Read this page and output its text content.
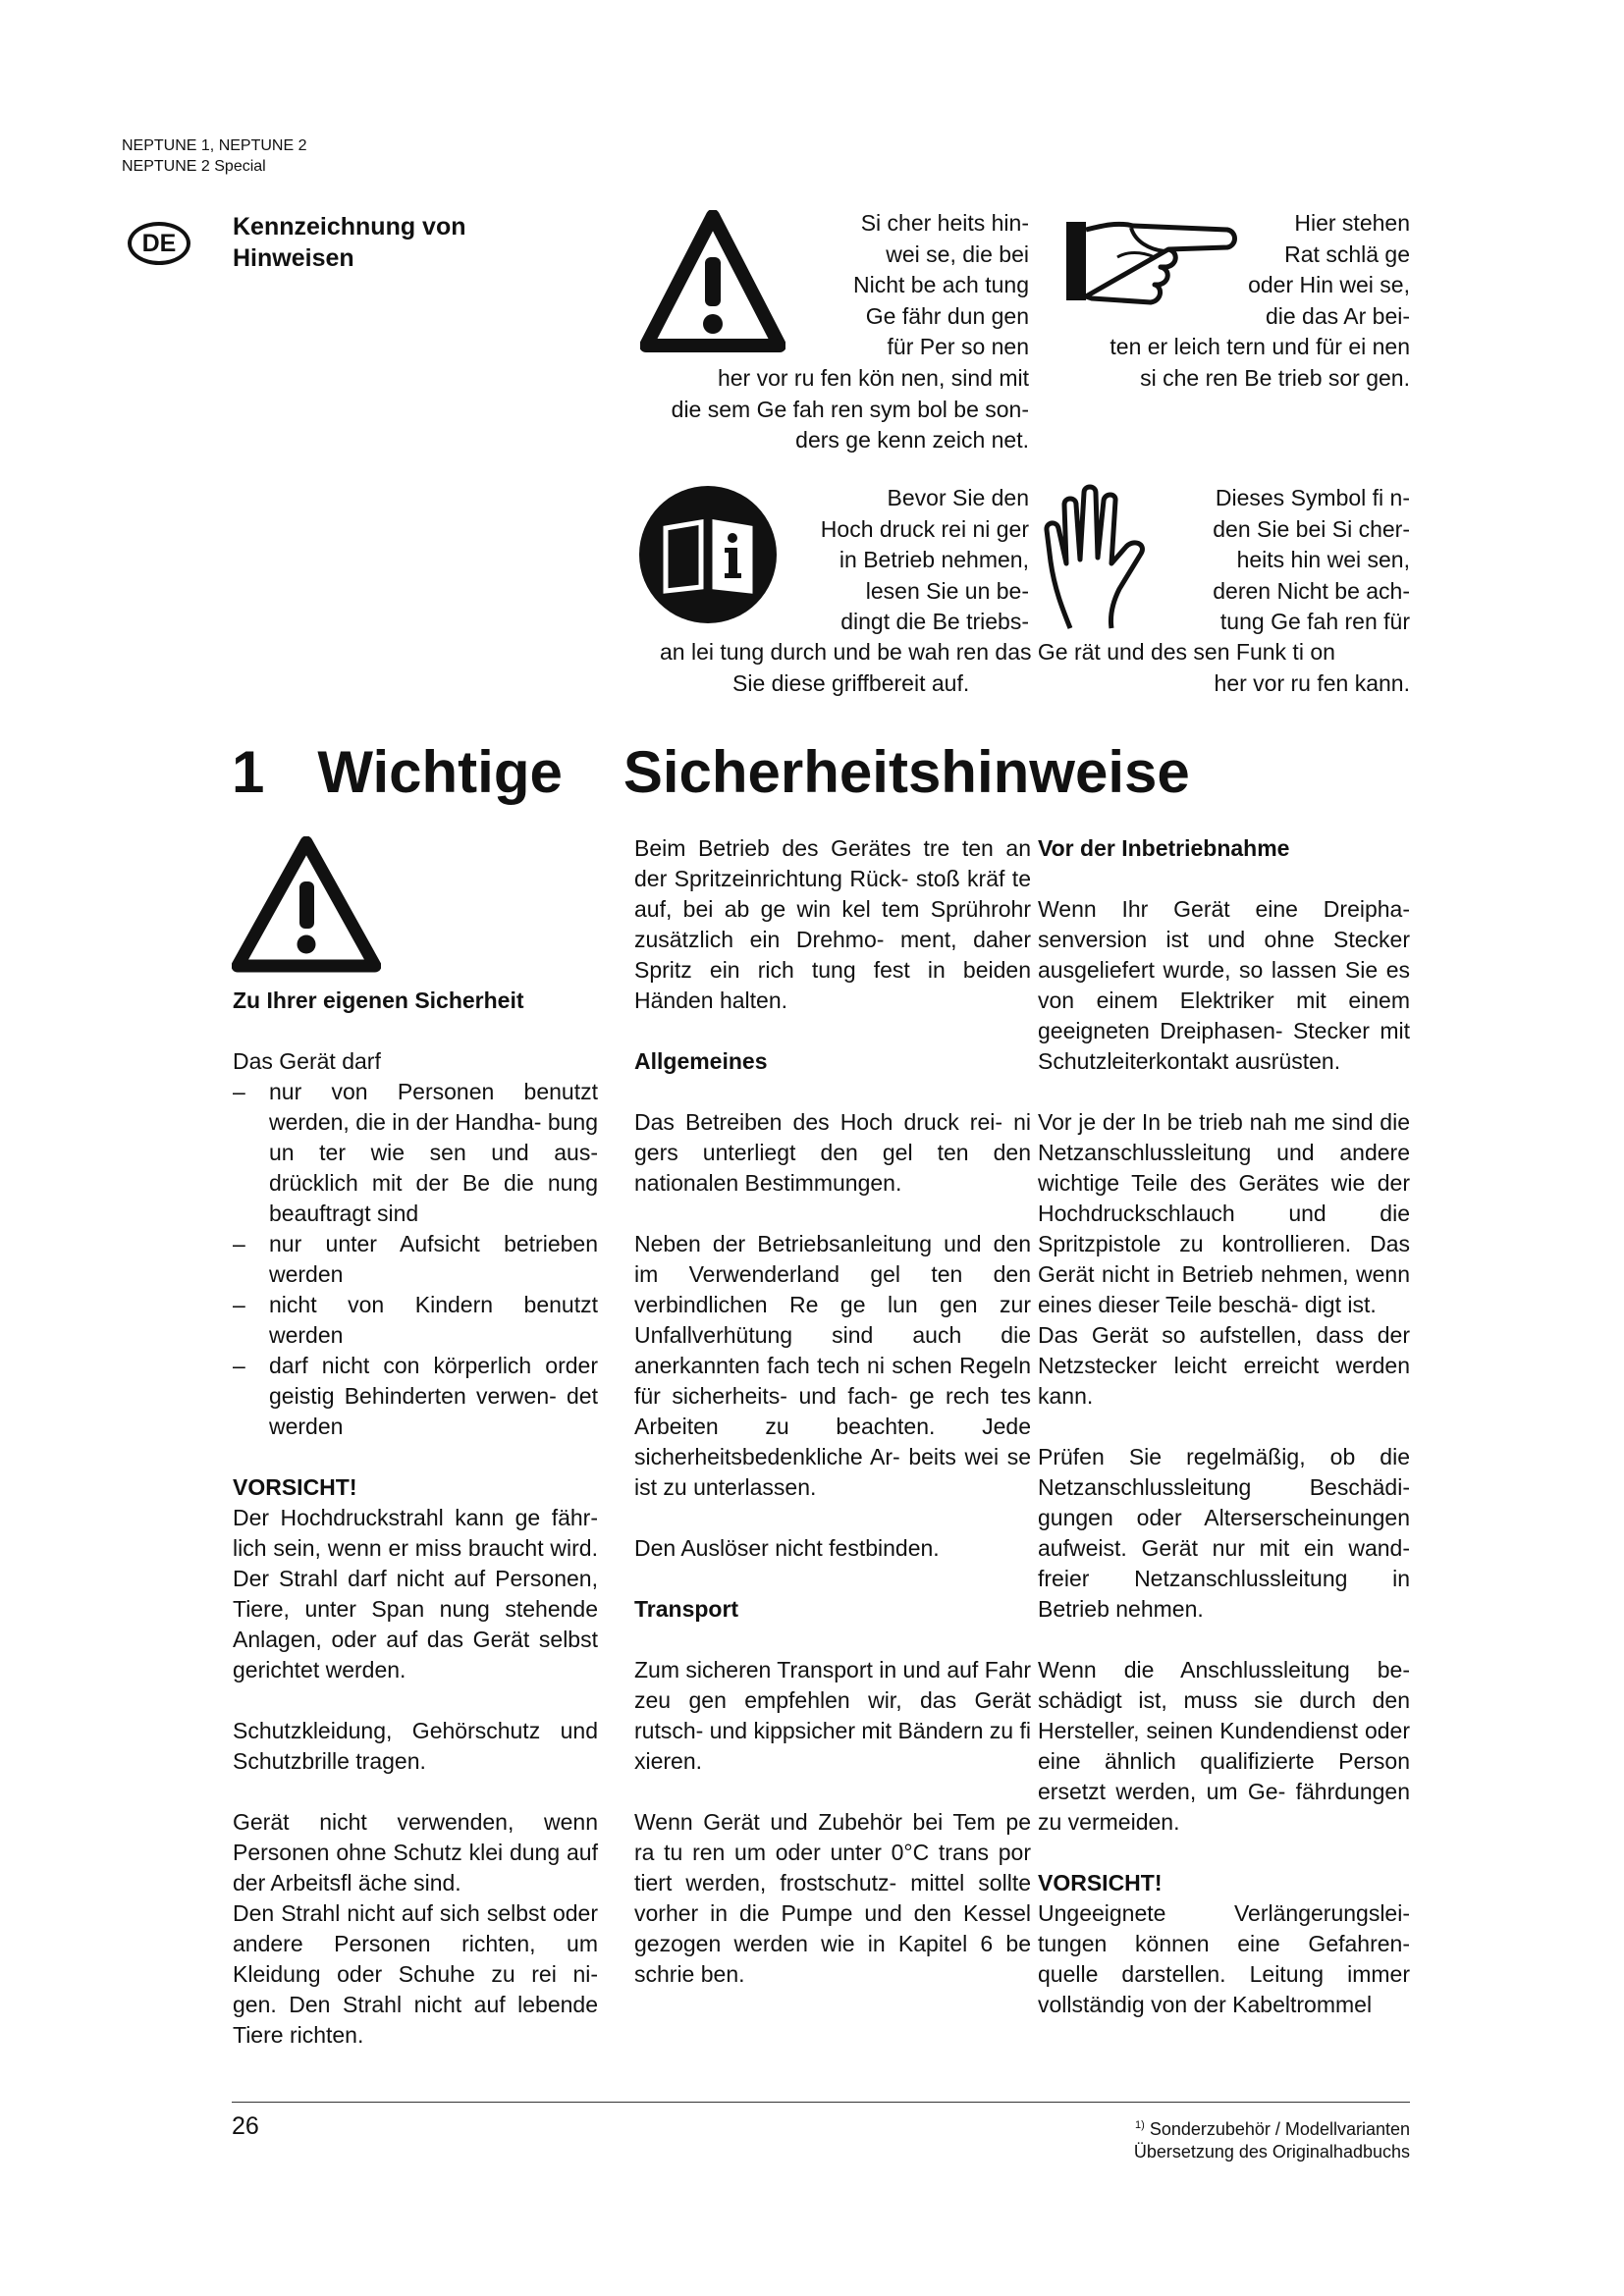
NEPTUNE 1, NEPTUNE 2
NEPTUNE 2 Special
DE
Kennzeichnung von
Hinweisen
Si cher heits hin-
wei se, die bei
Nicht be ach tung
Ge fähr dun gen
für Per so nen
her vor ru fen kön nen, sind mit
die sem Ge fah ren sym bol be son-
ders ge kenn zeich net.
Hier stehen
Rat schlä ge
oder Hin wei se,
die das Ar bei-
ten er leich tern und für ei nen
si che ren Be trieb sor gen.
Bevor Sie den
Hoch druck rei ni ger
in Betrieb nehmen,
lesen Sie un be-
dingt die Be triebs-
Dieses Symbol fi n-
den Sie bei Si cher-
heits hin wei sen,
deren Nicht be ach-
tung Ge fah ren für
an lei tung durch und be wah ren das Ge rät und des sen Funk ti on
Sie diese griffbereit auf.	her vor ru fen kann.
1 Wichtige Sicherheitshinweise
Zu Ihrer eigenen Sicherheit

Das Gerät darf

– nur von Personen benutzt werden, die in der Handha- bung un ter wie sen und aus- drücklich mit der Be die nung beauftragt sind

– nur unter Aufsicht betrieben werden

– nicht von Kindern benutzt werden

– darf nicht con körperlich order geistig Behinderten verwen- det werden

VORSICHT!

Der Hochdruckstrahl kann ge fähr- lich sein, wenn er miss braucht wird. Der Strahl darf nicht auf Personen, Tiere, unter Span nung stehende Anlagen, oder auf das Gerät selbst gerichtet werden.

Schutzkleidung, Gehörschutz und Schutzbrille tragen.

Gerät nicht verwenden, wenn Personen ohne Schutz klei dung auf der Arbeitsfl äche sind.

Den Strahl nicht auf sich selbst oder andere Personen richten, um Kleidung oder Schuhe zu rei ni- gen. Den Strahl nicht auf lebende Tiere richten.

Beim Betrieb des Gerätes tre ten an der Spritzeinrichtung Rück- stoß kräf te auf, bei ab ge win kel tem Sprührohr zusätzlich ein Drehmo- ment, daher Spritz ein rich tung fest in beiden Händen halten.

Allgemeines

Das Betreiben des Hoch druck rei- ni gers unterliegt den gel ten den nationalen Bestimmungen.

Neben der Betriebsanleitung und den im Verwenderland gel ten den verbindlichen Re ge lun gen zur Unfallverhütung sind auch die anerkannten fach tech ni schen Regeln für sicherheits- und fach- ge rech tes Arbeiten zu beachten. Jede sicherheitsbedenkliche Ar- beits wei se ist zu unterlassen.

Den Auslöser nicht festbinden.

Transport

Zum sicheren Transport in und auf Fahr zeu gen empfehlen wir, das Gerät rutsch- und kippsicher mit Bändern zu fi xieren.

Wenn Gerät und Zubehör bei Tem pe ra tu ren um oder unter 0°C trans por tiert werden, frostschutz- mittel sollte vorher in die Pumpe und den Kessel gezogen werden wie in Kapitel 6 be schrie ben.

Vor der Inbetriebnahme

Wenn Ihr Gerät eine Dreipha- senversion ist und ohne Stecker ausgeliefert wurde, so lassen Sie es von einem Elektriker mit einem geeigneten Dreiphasen- Stecker mit Schutzleiterkontakt ausrüsten.

Vor je der In be trieb nah me sind die Netzanschlussleitung und andere wichtige Teile des Gerätes wie der Hochdruckschlauch und die Spritzpistole zu kontrollieren. Das Gerät nicht in Betrieb nehmen, wenn eines dieser Teile beschä- digt ist.

Das Gerät so aufstellen, dass der Netzstecker leicht erreicht werden kann.

Prüfen Sie regelmäßig, ob die Netzanschlussleitung Beschädi- gungen oder Alterserscheinungen aufweist. Gerät nur mit ein wand- freier Netzanschlussleitung in Betrieb nehmen.

Wenn die Anschlussleitung be- schädigt ist, muss sie durch den Hersteller, seinen Kundendienst oder eine ähnlich qualifizierte Person ersetzt werden, um Ge- fährdungen zu vermeiden.

VORSICHT!

Ungeeignete Verlängerungslei- tungen können eine Gefahren- quelle darstellen. Leitung immer vollständig von der Kabeltrommel

26	$^{1)}$ Sonderzubehör / Modellvarianten
Übersetzung des Originalhadbuchs
